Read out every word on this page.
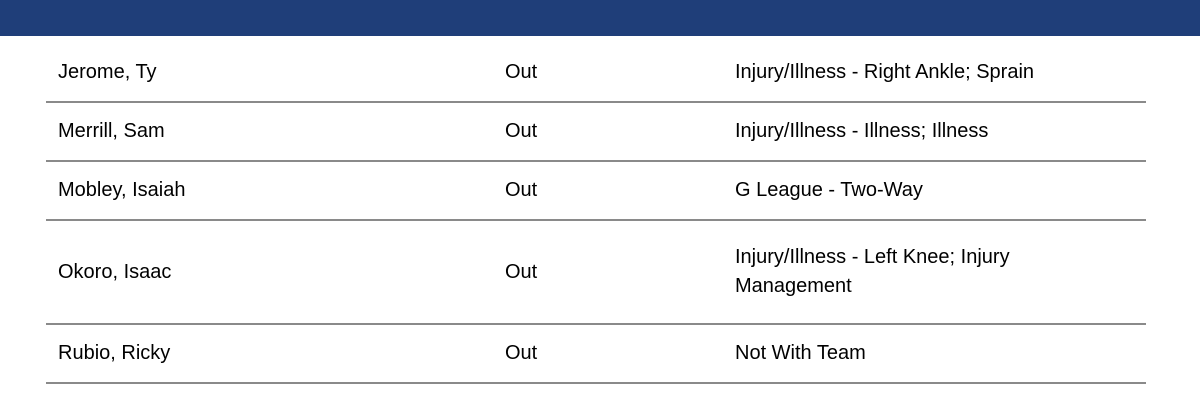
Jerome, Ty	Out	Injury/Illness - Right Ankle; Sprain

Merrill, Sam	Out	Injury/Illness - Illness; Illness

Mobley, Isaiah	Out	G League - Two-Way

Okoro, Isaac	Out	Injury/Illness - Left Knee; Injury Management

Rubio, Ricky	Out	Not With Team
